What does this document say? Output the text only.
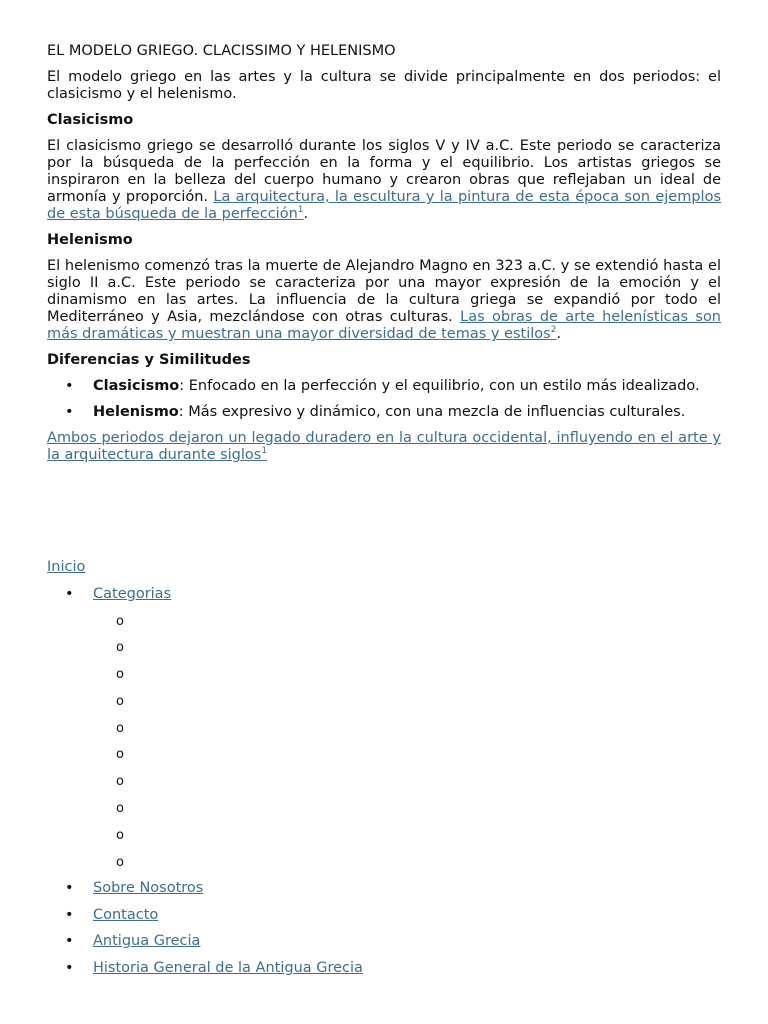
EL MODELO GRIEGO. CLACISSIMO Y HELENISMO

El modelo griego en las artes y la cultura se divide principalmente en dos periodos: el clasicismo y el helenismo.

Clasicismo

El clasicismo griego se desarrolló durante los siglos V y IV a.C. Este periodo se caracteriza por la búsqueda de la perfección en la forma y el equilibrio. Los artistas griegos se inspiraron en la belleza del cuerpo humano y crearon obras que reflejaban un ideal de armonía y proporción. La arquitectura, la escultura y la pintura de esta época son ejemplos de esta búsqueda de la perfección$^1$.

Helenismo

El helenismo comenzó tras la muerte de Alejandro Magno en 323 a.C. y se extendió hasta el siglo II a.C. Este periodo se caracteriza por una mayor expresión de la emoción y el dinamismo en las artes. La influencia de la cultura griega se expandió por todo el Mediterráneo y Asia, mezclándose con otras culturas. Las obras de arte helenísticas son más dramáticas y muestran una mayor diversidad de temas y estilos$^2$.

Diferencias y Similitudes
• Clasicismo: Enfocado en la perfección y el equilibrio, con un estilo más idealizado.
• Helenismo: Más expresivo y dinámico, con una mezcla de influencias culturales.

Ambos periodos dejaron un legado duradero en la cultura occidental, influyendo en el arte y la arquitectura durante siglos$^1$

Inicio
• Categorias
o
o
o
o
o
o
o
o
o
o
• Sobre Nosotros
• Contacto
• Antigua Grecia
• Historia General de la Antigua Grecia
